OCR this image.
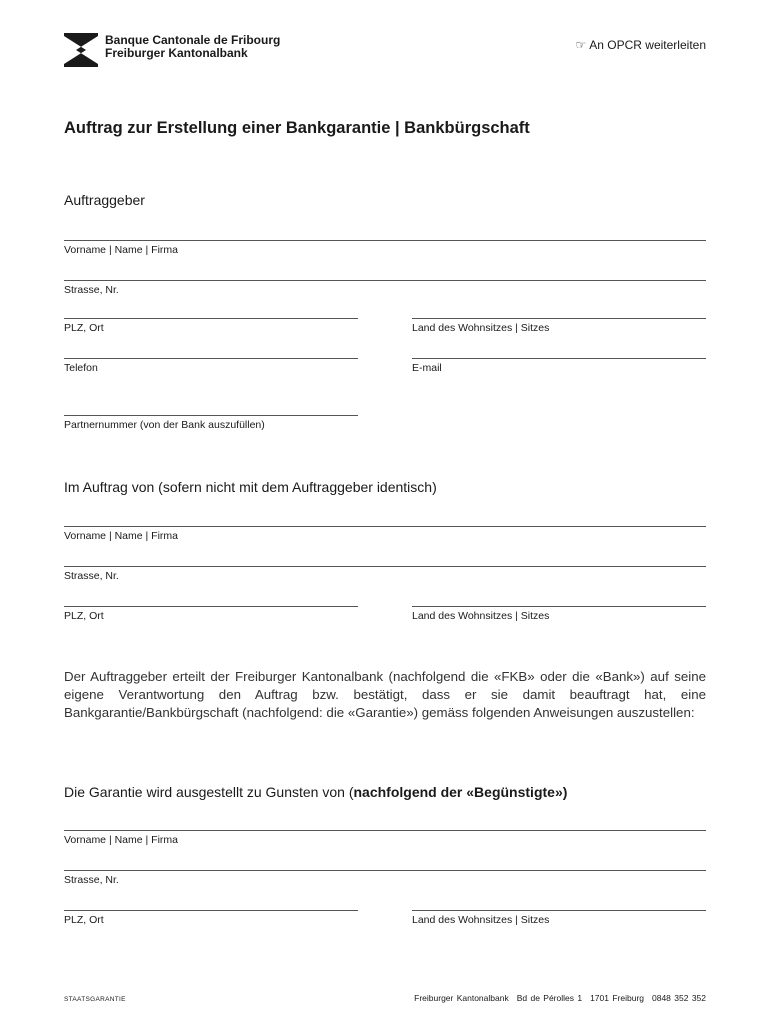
Banque Cantonale de Fribourg
Freiburger Kantonalbank
☞ An OPCR weiterleiten
Auftrag zur Erstellung einer Bankgarantie | Bankbürgschaft
Auftraggeber
Vorname | Name | Firma
Strasse, Nr.
PLZ, Ort	Land des Wohnsitzes | Sitzes
Telefon	E-mail
Partnernummer (von der Bank auszufüllen)
Im Auftrag von (sofern nicht mit dem Auftraggeber identisch)
Vorname | Name | Firma
Strasse, Nr.
PLZ, Ort	Land des Wohnsitzes | Sitzes
Der Auftraggeber erteilt der Freiburger Kantonalbank (nachfolgend die «FKB» oder die «Bank») auf seine eigene Verantwortung den Auftrag bzw. bestätigt, dass er sie damit beauftragt hat, eine Bankgarantie/Bankbürgschaft (nachfolgend: die «Garantie») gemäss folgenden Anweisungen auszustellen:
Die Garantie wird ausgestellt zu Gunsten von (nachfolgend der «Begünstigte»)
Vorname | Name | Firma
Strasse, Nr.
PLZ, Ort	Land des Wohnsitzes | Sitzes
STAATSGARANTIE	Freiburger Kantonalbank Bd de Pérolles 1 1701 Freiburg 0848 352 352
